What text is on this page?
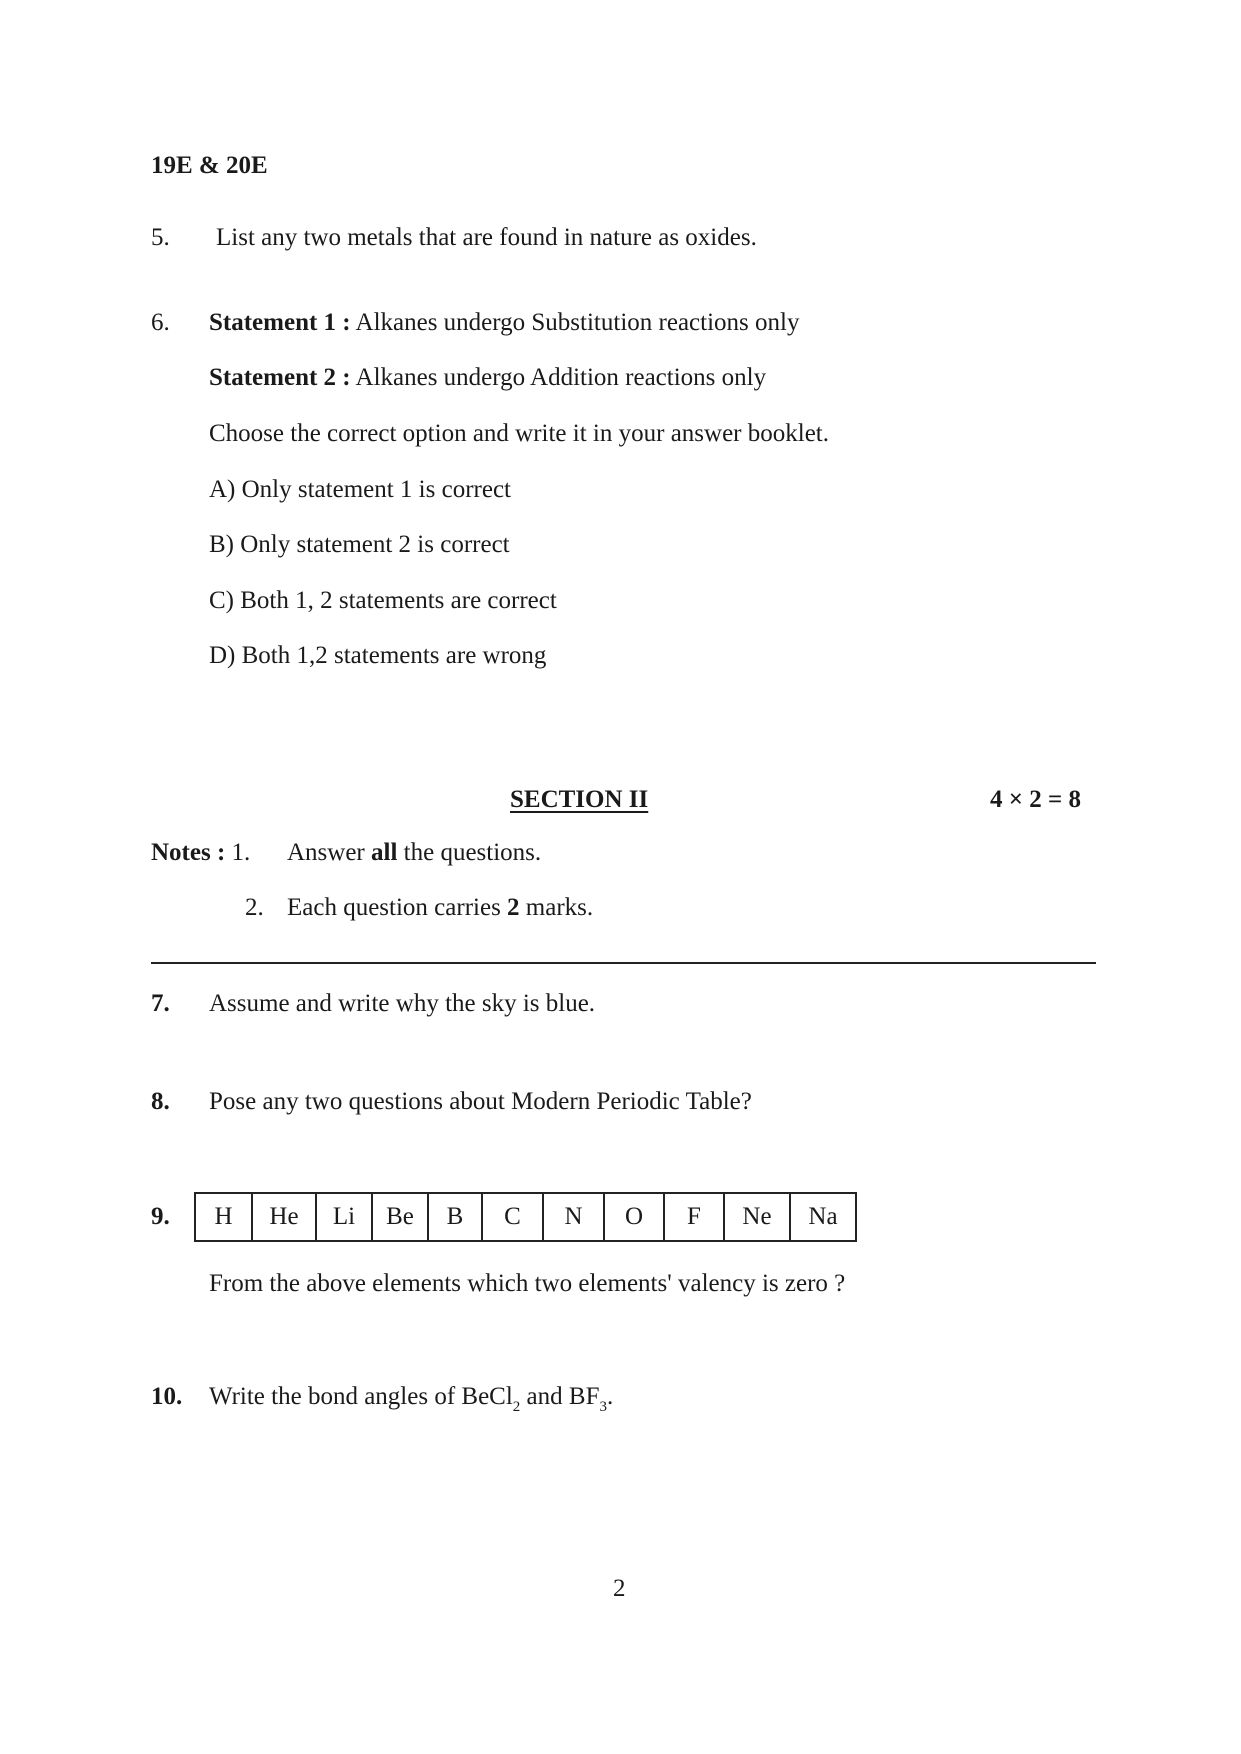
19E & 20E
5. List any two metals that are found in nature as oxides.
6. Statement 1 : Alkanes undergo Substitution reactions only
Statement 2 : Alkanes undergo Addition reactions only
Choose the correct option and write it in your answer booklet.
A) Only statement 1 is correct
B) Only statement 2 is correct
C) Both 1, 2 statements are correct
D) Both 1,2 statements are wrong
SECTION II	4 × 2 = 8
Notes : 1. Answer all the questions.
2. Each question carries 2 marks.
7. Assume and write why the sky is blue.
8. Pose any two questions about Modern Periodic Table?
9. H	He	Li	Be	B	C	N	O	F	Ne	Na
From the above elements which two elements' valency is zero ?
10. Write the bond angles of BeCl$_2$ and $BF_3$.
2
